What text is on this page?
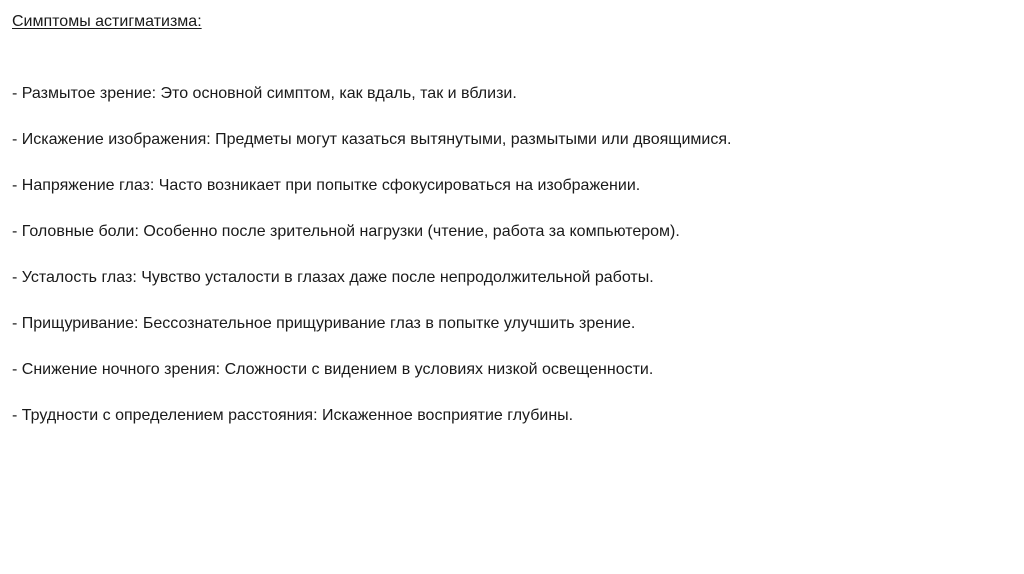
Симптомы астигматизма:
- Размытое зрение: Это основной симптом, как вдаль, так и вблизи.
- Искажение изображения: Предметы могут казаться вытянутыми, размытыми или двоящимися.
- Напряжение глаз: Часто возникает при попытке сфокусироваться на изображении.
- Головные боли: Особенно после зрительной нагрузки (чтение, работа за компьютером).
- Усталость глаз: Чувство усталости в глазах даже после непродолжительной работы.
- Прищуривание: Бессознательное прищуривание глаз в попытке улучшить зрение.
- Снижение ночного зрения: Сложности с видением в условиях низкой освещенности.
- Трудности с определением расстояния: Искаженное восприятие глубины.
